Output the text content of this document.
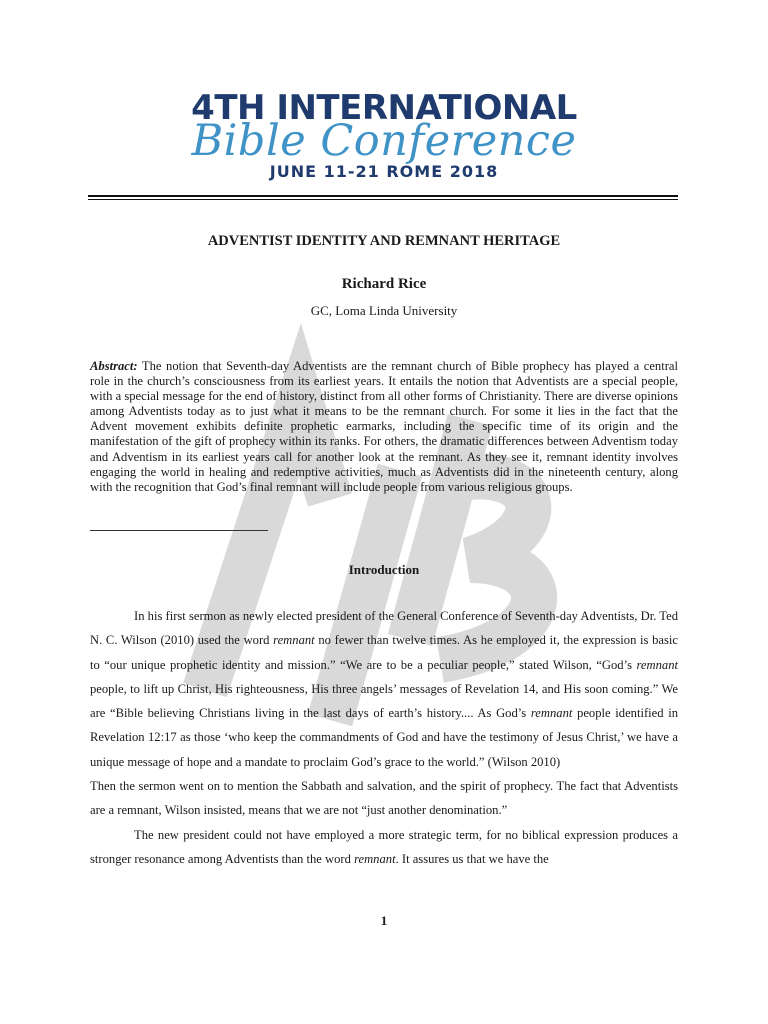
4TH INTERNATIONAL
Bible Conference
JUNE 11-21 ROME 2018
ADVENTIST IDENTITY AND REMNANT HERITAGE
Richard Rice
GC, Loma Linda University
Abstract: The notion that Seventh-day Adventists are the remnant church of Bible prophecy has played a central role in the church’s consciousness from its earliest years. It entails the notion that Adventists are a special people, with a special message for the end of history, distinct from all other forms of Christianity. There are diverse opinions among Adventists today as to just what it means to be the remnant church. For some it lies in the fact that the Advent movement exhibits definite prophetic earmarks, including the specific time of its origin and the manifestation of the gift of prophecy within its ranks. For others, the dramatic differences between Adventism today and Adventism in its earliest years call for another look at the remnant. As they see it, remnant identity involves engaging the world in healing and redemptive activities, much as Adventists did in the nineteenth century, along with the recognition that God’s final remnant will include people from various religious groups.
Introduction

In his first sermon as newly elected president of the General Conference of Seventh-day Adventists, Dr. Ted N. C. Wilson (2010) used the word remnant no fewer than twelve times. As he employed it, the expression is basic to “our unique prophetic identity and mission.” “We are to be a peculiar people,” stated Wilson, “God’s remnant people, to lift up Christ, His righteousness, His three angels’ messages of Revelation 14, and His soon coming.” We are “Bible believing Christians living in the last days of earth’s history.... As God’s remnant people identified in Revelation 12:17 as those ‘who keep the commandments of God and have the testimony of Jesus Christ,’ we have a unique message of hope and a mandate to proclaim God’s grace to the world.” (Wilson 2010)

Then the sermon went on to mention the Sabbath and salvation, and the spirit of prophecy. The fact that Adventists are a remnant, Wilson insisted, means that we are not “just another denomination.”

The new president could not have employed a more strategic term, for no biblical expression produces a stronger resonance among Adventists than the word remnant. It assures us that we have the

1
